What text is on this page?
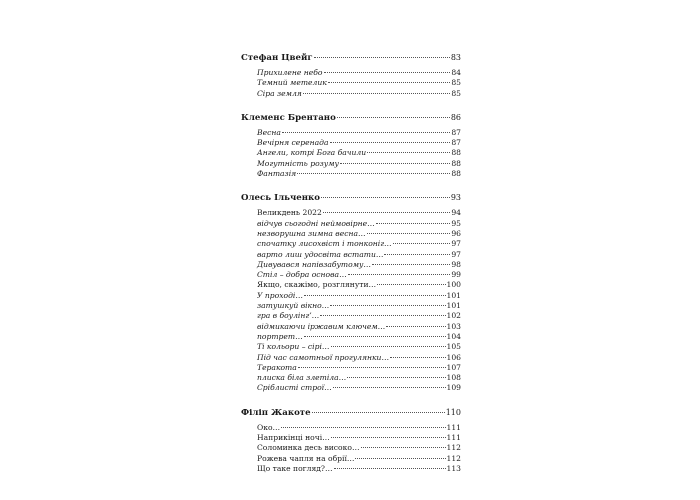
Стефан Цвейг	83
Прихилене небо	84
Темний метелик	85
Сіра земля	85
Клеменс Брентано	86
Весна	87
Вечірня серенада	87
Ангели, котрі Бога бачили	88
Могутність розуму	88
Фантазія	88
Олесь Ільченко	93
Великдень 2022	94
відчув сьогодні неймовірне…	95
незворушна зимна весна…	96
спочатку лисохвіст і тонконіг…	97
варто лиш удосвіта встати…	97
Дивувався напівзабутому…	98
Стіл – добра основа…	99
Якщо, скажімо, розглянути…	100
У проході…	101
затушкуй вікно…	101
гра в боулінг’…	102
відмикаючи іржавим ключем…	103
портрет…	104
Ті кольори – сірі…	105
Під час самотньої прогулянки…	106
Теракота	107
плиска біла злетіла…	108
Сріблисті строї…	109
Філіп Жакоте	110
Око…	111
Наприкінці ночі…	111
Соломинка десь високо…	112
Рожева чапля на обрії…	112
Що таке погляд?…	113
